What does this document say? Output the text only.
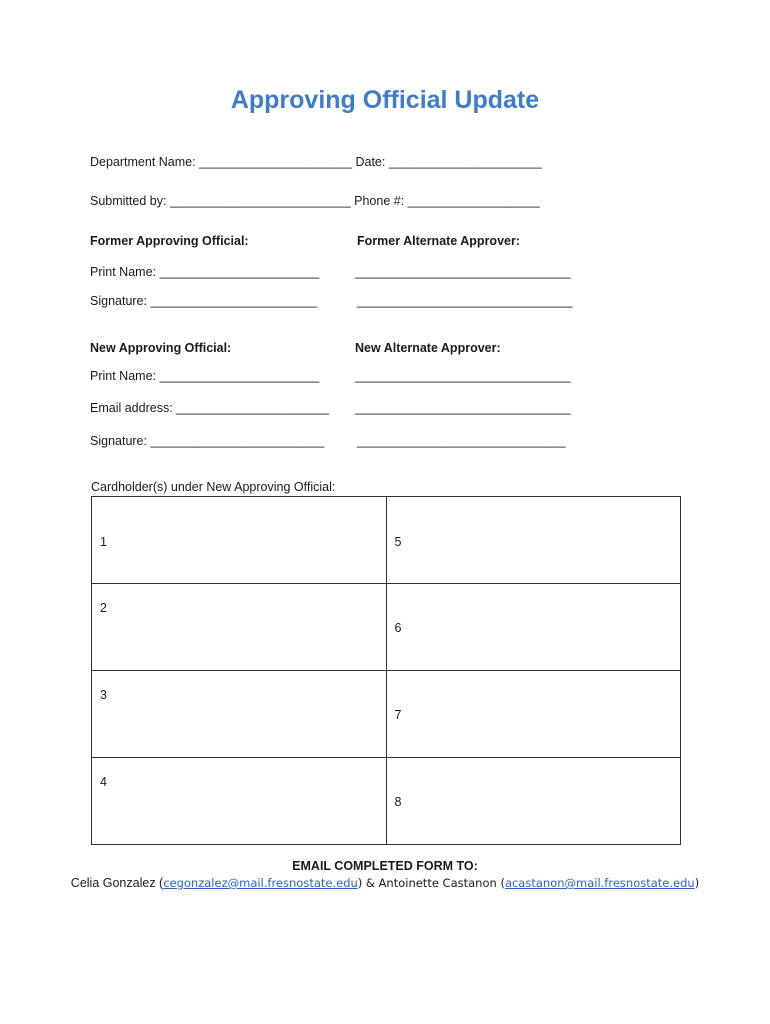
Approving Official Update
Department Name: ______________________ Date: ______________________
Submitted by: __________________________ Phone #: ___________________
Former Approving Official:	Former Alternate Approver:
Print Name: _______________________	_______________________________
Signature: ________________________	_______________________________
New Approving Official:	New Alternate Approver:
Print Name: _______________________	_______________________________
Email address: ______________________ _______________________________
Signature: _________________________	______________________________
Cardholder(s) under New Approving Official:
1	5

2	6

3	7

4	8
EMAIL COMPLETED FORM TO:
Celia Gonzalez (cegonzalez@mail.fresnostate.edu) & Antoinette Castanon (acastanon@mail.fresnostate.edu)
